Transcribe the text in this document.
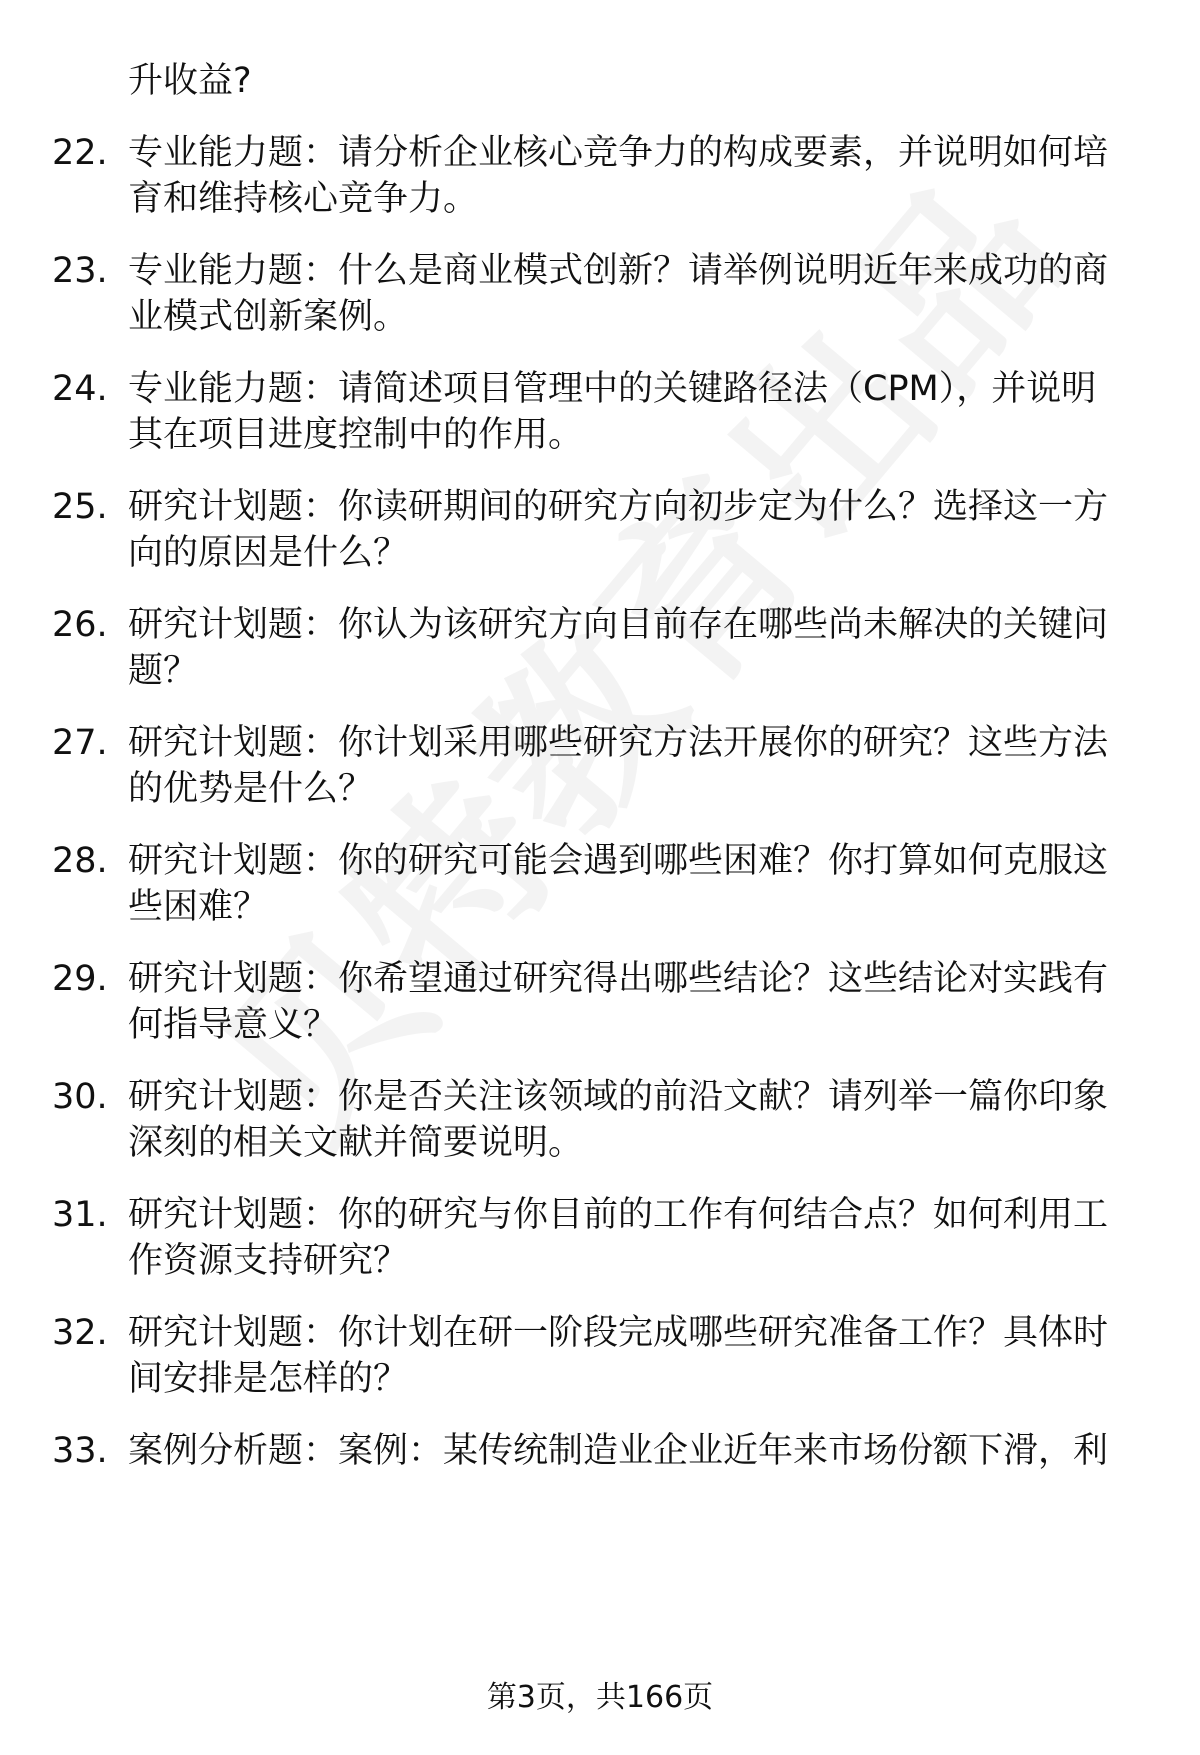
升收益?
22. 专业能力题：请分析企业核心竞争力的构成要素，并说明如何培
育和维持核心竞争力。
23. 专业能力题：什么是商业模式创新？请举例说明近年来成功的商
业模式创新案例。
24. 专业能力题：请简述项目管理中的关键路径法（CPM），并说明
其在项目进度控制中的作用。
25. 研究计划题：你读研期间的研究方向初步定为什么？选择这一方
向的原因是什么？
26. 研究计划题：你认为该研究方向目前存在哪些尚未解决的关键问
题？
27. 研究计划题：你计划采用哪些研究方法开展你的研究？这些方法
的优势是什么？
28. 研究计划题：你的研究可能会遇到哪些困难？你打算如何克服这
些困难？
29. 研究计划题：你希望通过研究得出哪些结论？这些结论对实践有
何指导意义？
30. 研究计划题：你是否关注该领域的前沿文献？请列举一篇你印象
深刻的相关文献并简要说明。
31. 研究计划题：你的研究与你目前的工作有何结合点？如何利用工
作资源支持研究？
32. 研究计划题：你计划在研一阶段完成哪些研究准备工作？具体时
间安排是怎样的？
33. 案例分析题：案例：某传统制造业企业近年来市场份额下滑，利
第3页，共166页
